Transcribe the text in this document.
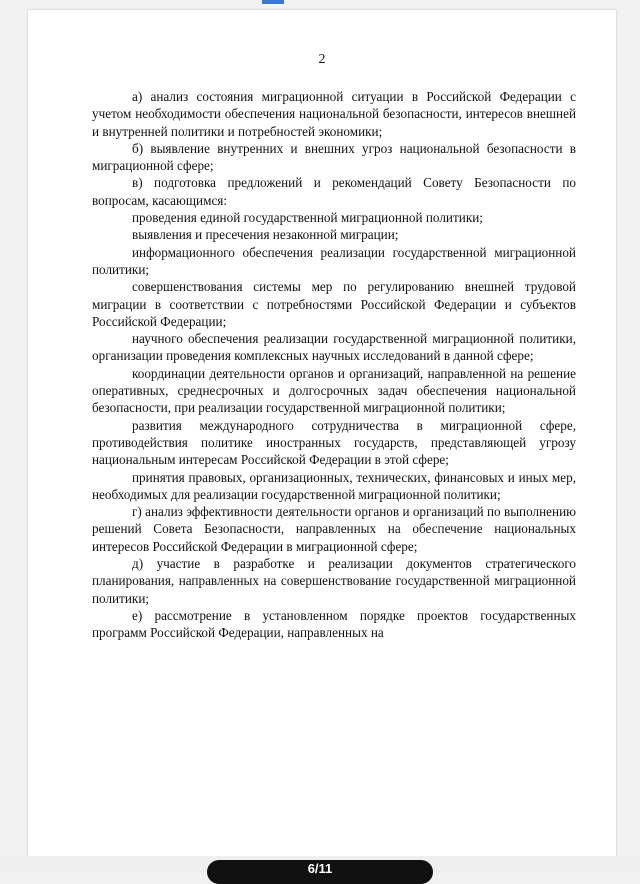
2

а) анализ состояния миграционной ситуации в Российской Федерации с учетом необходимости обеспечения национальной безопасности, интересов внешней и внутренней политики и потребностей экономики;

б) выявление внутренних и внешних угроз национальной безопасности в миграционной сфере;

в) подготовка предложений и рекомендаций Совету Безопасности по вопросам, касающимся:

проведения единой государственной миграционной политики;

выявления и пресечения незаконной миграции;

информационного обеспечения реализации государственной миграционной политики;

совершенствования системы мер по регулированию внешней трудовой миграции в соответствии с потребностями Российской Федерации и субъектов Российской Федерации;

научного обеспечения реализации государственной миграционной политики, организации проведения комплексных научных исследований в данной сфере;

координации деятельности органов и организаций, направленной на решение оперативных, среднесрочных и долгосрочных задач обеспечения национальной безопасности, при реализации государственной миграционной политики;

развития международного сотрудничества в миграционной сфере, противодействия политике иностранных государств, представляющей угрозу национальным интересам Российской Федерации в этой сфере;

принятия правовых, организационных, технических, финансовых и иных мер, необходимых для реализации государственной миграционной политики;

г) анализ эффективности деятельности органов и организаций по выполнению решений Совета Безопасности, направленных на обеспечение национальных интересов Российской Федерации в миграционной сфере;

д) участие в разработке и реализации документов стратегического планирования, направленных на совершенствование государственной миграционной политики;

е) рассмотрение в установленном порядке проектов государственных программ Российской Федерации, направленных на

6/11
